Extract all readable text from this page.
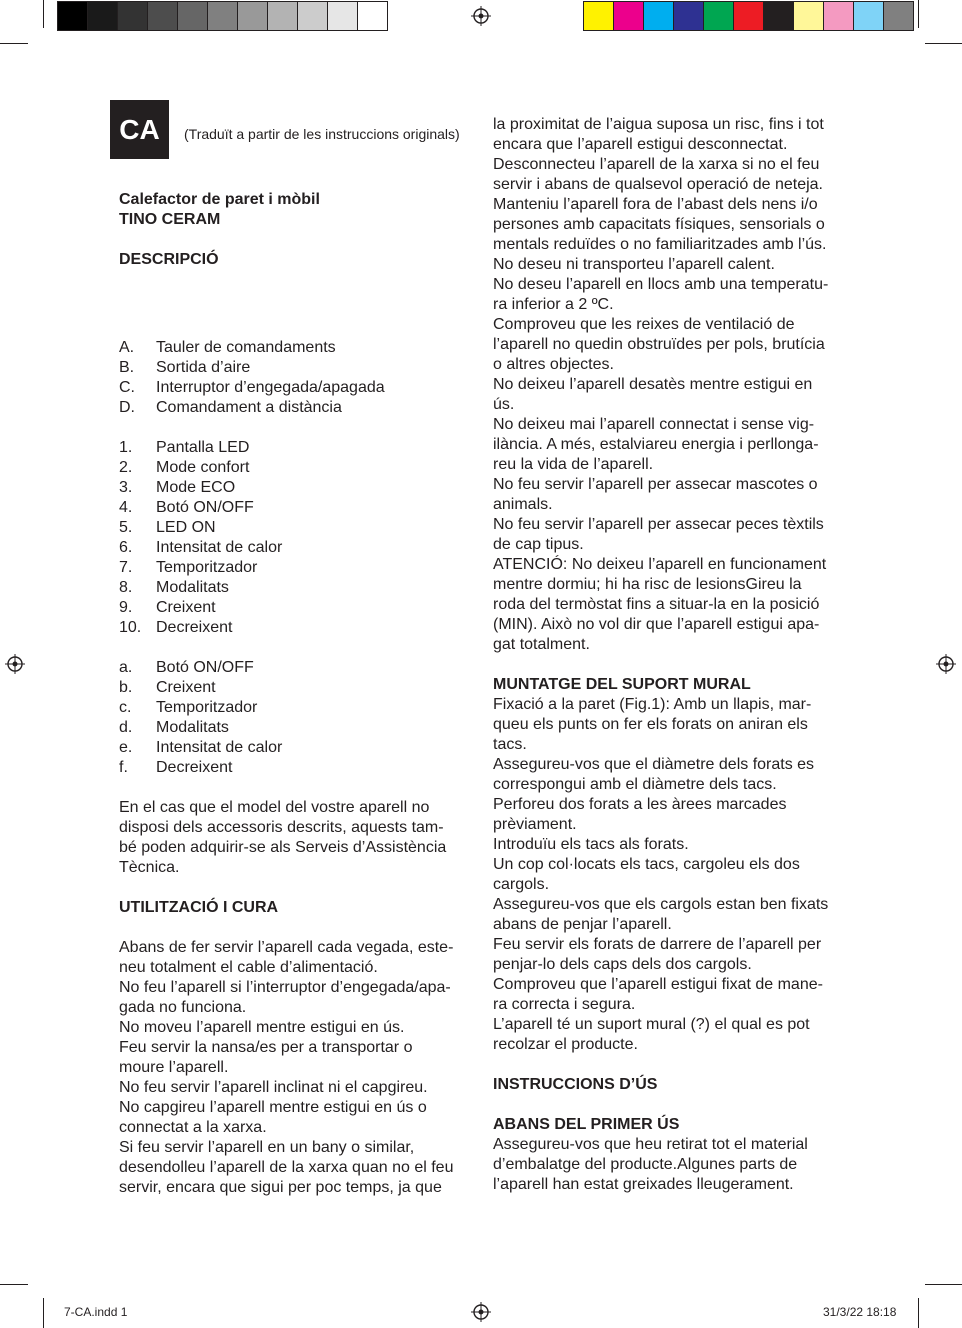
CA	(Traduït a partir de les instruccions originals)

Calefactor de paret i mòbil

TINO CERAM

DESCRIPCIÓ

A.	Tauler de comandaments
B.	Sortida d’aire
C.	Interruptor d’engegada/apagada
D.	Comandament a distància
1.	Pantalla LED
2.	Mode confort
3.	Mode ECO
4.	Botó ON/OFF
5.	LED ON
6.	Intensitat de calor
7.	Temporitzador
8.	Modalitats
9.	Creixent
10. Decreixent
a.	Botó ON/OFF
b.	Creixent
c.	Temporitzador
d.	Modalitats
e.	Intensitat de calor
f.	Decreixent

En el cas que el model del vostre aparell no

disposi dels accessoris descrits, aquests tam-

bé poden adquirir-se als Serveis d’Assistència

Tècnica.

UTILITZACIÓ I CURA

Abans de fer servir l’aparell cada vegada, este-

neu totalment el cable d’alimentació.

No feu l’aparell si l’interruptor d’engegada/apa-

gada no funciona.

No moveu l’aparell mentre estigui en ús.

Feu servir la nansa/es per a transportar o

moure l’aparell.

No feu servir l’aparell inclinat ni el capgireu.

No capgireu l’aparell mentre estigui en ús o

connectat a la xarxa.

Si feu servir l’aparell en un bany o similar,

desendolleu l’aparell de la xarxa quan no el feu

servir, encara que sigui per poc temps, ja que

la proximitat de l’aigua suposa un risc, fins i tot

encara que l’aparell estigui desconnectat.

Desconnecteu l’aparell de la xarxa si no el feu

servir i abans de qualsevol operació de neteja.

Manteniu l’aparell fora de l’abast dels nens i/o

persones amb capacitats físiques, sensorials o

mentals reduïdes o no familiaritzades amb l’ús.

No deseu ni transporteu l’aparell calent.

No deseu l’aparell en llocs amb una temperatu-

ra inferior a 2 ºC.

Comproveu que les reixes de ventilació de

l’aparell no quedin obstruïdes per pols, brutícia

o altres objectes.

No deixeu l’aparell desatès mentre estigui en

ús.

No deixeu mai l’aparell connectat i sense vig-

ilància. A més, estalviareu energia i perllonga-

reu la vida de l’aparell.

No feu servir l’aparell per assecar mascotes o

animals.

No feu servir l’aparell per assecar peces tèxtils

de cap tipus.

ATENCIÓ: No deixeu l’aparell en funcionament

mentre dormiu; hi ha risc de lesionsGireu la

roda del termòstat fins a situar-la en la posició

(MIN). Això no vol dir que l’aparell estigui apa-

gat totalment.

MUNTATGE DEL SUPORT MURAL

Fixació a la paret (Fig.1): Amb un llapis, mar-

queu els punts on fer els forats on aniran els

tacs.

Assegureu-vos que el diàmetre dels forats es

correspongui amb el diàmetre dels tacs.

Perforeu dos forats a les àrees marcades

prèviament.

Introduïu els tacs als forats.

Un cop col·locats els tacs, cargoleu els dos

cargols.

Assegureu-vos que els cargols estan ben fixats

abans de penjar l’aparell.

Feu servir els forats de darrere de l’aparell per

penjar-lo dels caps dels dos cargols.

Comproveu que l’aparell estigui fixat de mane-

ra correcta i segura.

L’aparell té un suport mural (?) el qual es pot

recolzar el producte.

INSTRUCCIONS D’ÚS

ABANS DEL PRIMER ÚS

Assegureu-vos que heu retirat tot el material

d’embalatge del producte.Algunes parts de

l’aparell han estat greixades lleugerament.

7-CA.indd 1	31/3/22 18:18
